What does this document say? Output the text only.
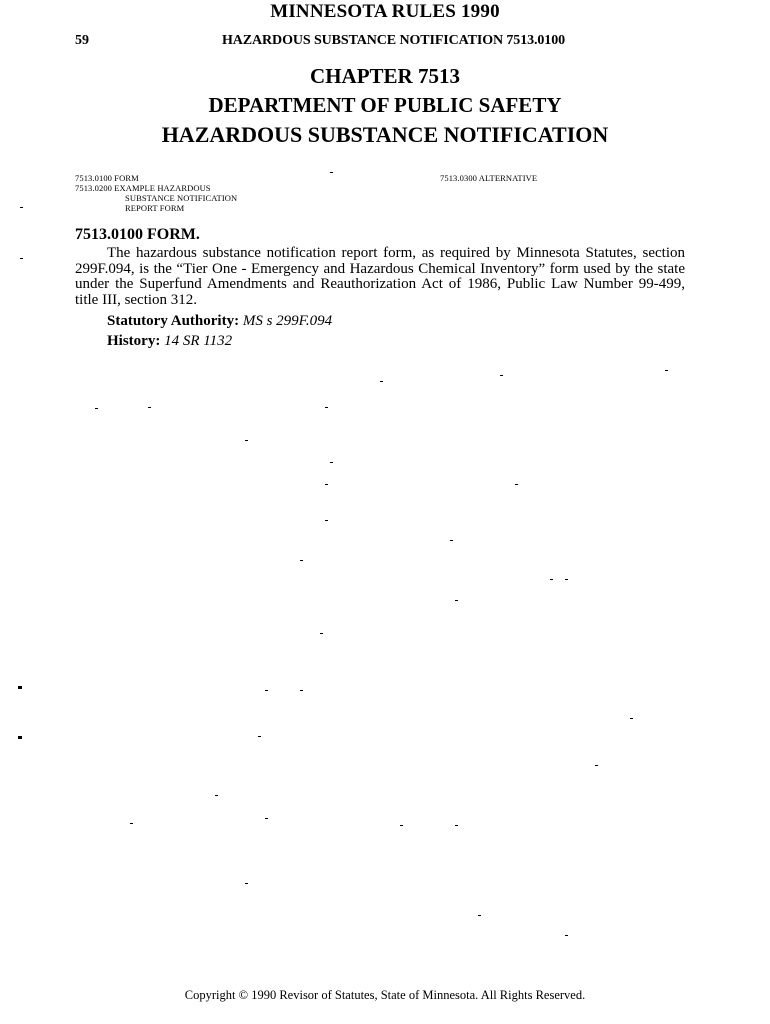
MINNESOTA RULES 1990
59	HAZARDOUS SUBSTANCE NOTIFICATION 7513.0100
CHAPTER 7513
DEPARTMENT OF PUBLIC SAFETY
HAZARDOUS SUBSTANCE NOTIFICATION
7513.0100 FORM
7513.0200 EXAMPLE HAZARDOUS
SUBSTANCE NOTIFICATION
REPORT FORM
7513.0300 ALTERNATIVE
7513.0100 FORM.

The hazardous substance notification report form, as required by Minnesota Statutes, section 299F.094, is the “Tier One - Emergency and Hazardous Chemical Inventory” form used by the state under the Superfund Amendments and Reauthorization Act of 1986, Public Law Number 99-499, title III, section 312.

Statutory Authority: MS s 299F.094
History: 14 SR 1132
Copyright © 1990 Revisor of Statutes, State of Minnesota. All Rights Reserved.
